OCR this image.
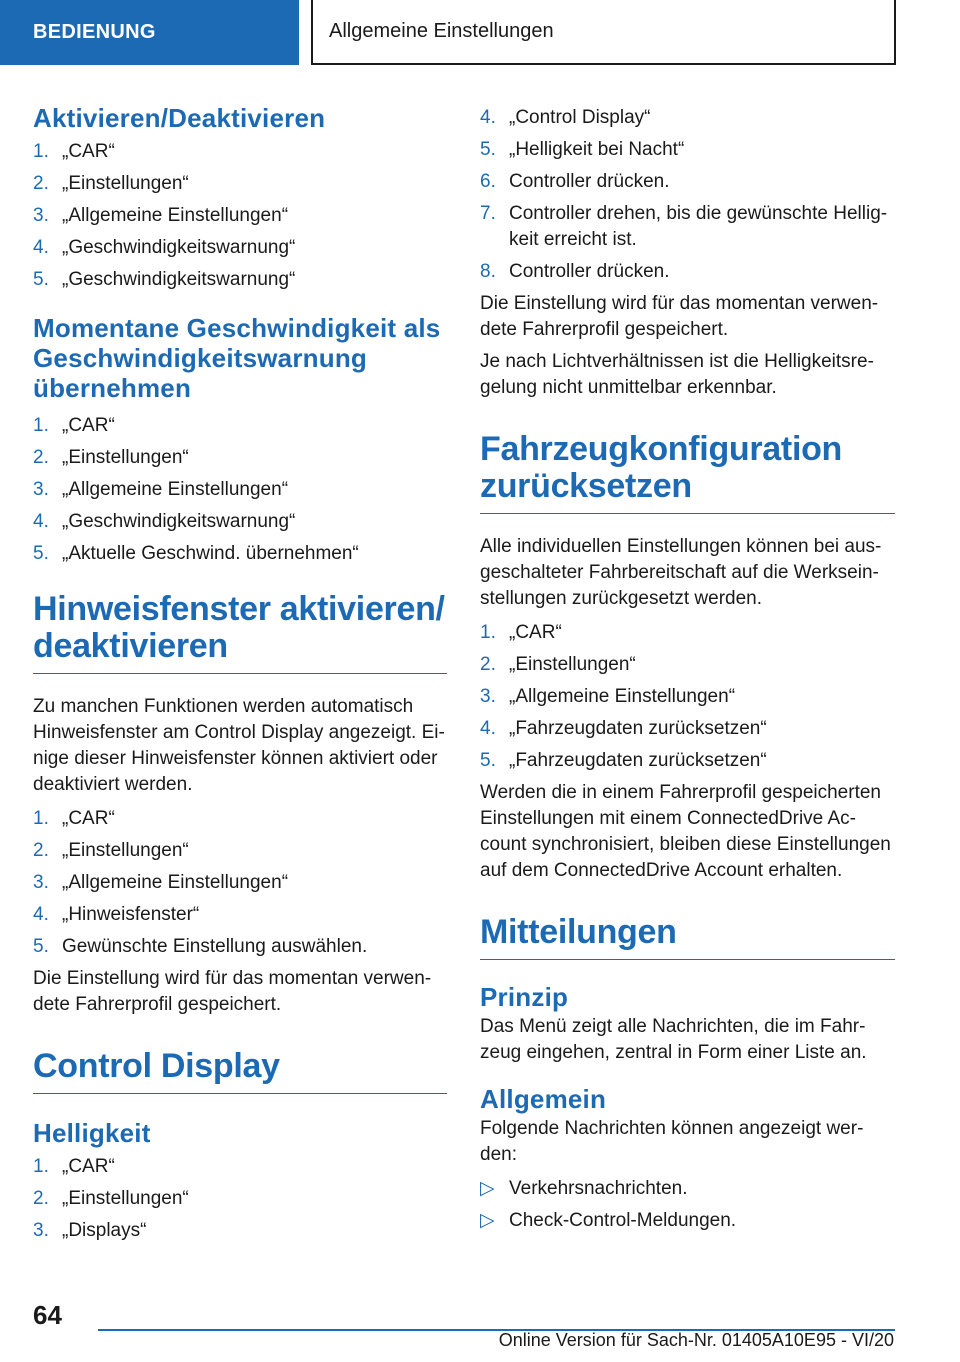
BEDIENUNG	Allgemeine Einstellungen
Aktivieren/Deaktivieren
1. „CAR“
2. „Einstellungen“
3. „Allgemeine Einstellungen“
4. „Geschwindigkeitswarnung“
5. „Geschwindigkeitswarnung“
Momentane Geschwindigkeit als
Geschwindigkeitswarnung
übernehmen
1. „CAR“
2. „Einstellungen“
3. „Allgemeine Einstellungen“
4. „Geschwindigkeitswarnung“
5. „Aktuelle Geschwind. übernehmen“
Hinweisfenster aktivieren/
deaktivieren

Zu manchen Funktionen werden automatisch
Hinweisfenster am Control Display angezeigt. Ei-
nige dieser Hinweisfenster können aktiviert oder
deaktiviert werden.

1. „CAR“
2. „Einstellungen“
3. „Allgemeine Einstellungen“
4. „Hinweisfenster“
5. Gewünschte Einstellung auswählen.

Die Einstellung wird für das momentan verwen-
dete Fahrerprofil gespeichert.

Control Display
Helligkeit
1. „CAR“
2. „Einstellungen“
3. „Displays“
4. „Control Display“
5. „Helligkeit bei Nacht“
6. Controller drücken.
7. Controller drehen, bis die gewünschte Hellig-
keit erreicht ist.
8. Controller drücken.

Die Einstellung wird für das momentan verwen-
dete Fahrerprofil gespeichert.

Je nach Lichtverhältnissen ist die Helligkeitsre-
gelung nicht unmittelbar erkennbar.

Fahrzeugkonfiguration
zurücksetzen

Alle individuellen Einstellungen können bei aus-
geschalteter Fahrbereitschaft auf die Werksein-
stellungen zurückgesetzt werden.

1. „CAR“
2. „Einstellungen“
3. „Allgemeine Einstellungen“
4. „Fahrzeugdaten zurücksetzen“
5. „Fahrzeugdaten zurücksetzen“

Werden die in einem Fahrerprofil gespeicherten
Einstellungen mit einem ConnectedDrive Ac-
count synchronisiert, bleiben diese Einstellungen
auf dem ConnectedDrive Account erhalten.

Mitteilungen
Prinzip

Das Menü zeigt alle Nachrichten, die im Fahr-
zeug eingehen, zentral in Form einer Liste an.

Allgemein

Folgende Nachrichten können angezeigt wer-
den:

▷ Verkehrsnachrichten.
▷ Check-Control-Meldungen.
64
Online Version für Sach-Nr. 01405A10E95 - VI/20
